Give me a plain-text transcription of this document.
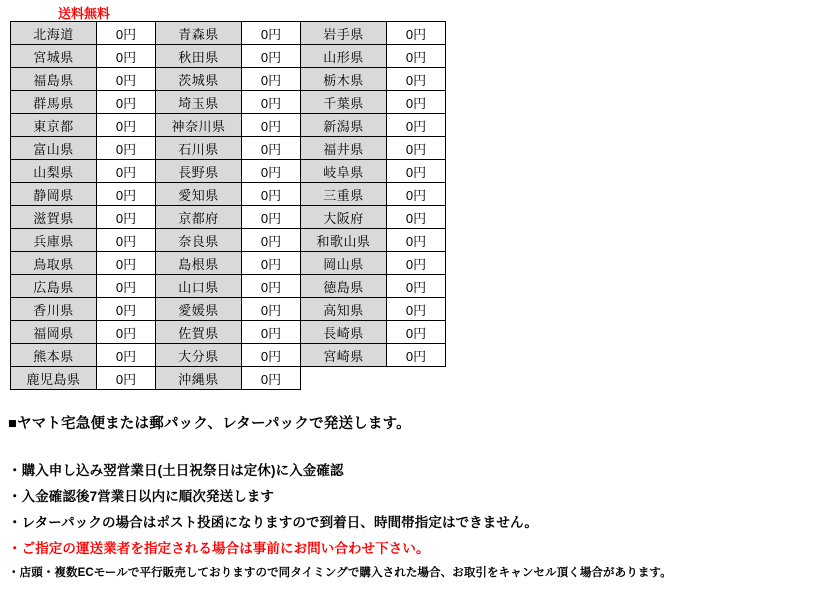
送料無料
北海道	0円	青森県	0円	岩手県	0円
宮城県	0円	秋田県	0円	山形県	0円
福島県	0円	茨城県	0円	栃木県	0円
群馬県	0円	埼玉県	0円	千葉県	0円
東京都	0円	神奈川県	0円	新潟県	0円
富山県	0円	石川県	0円	福井県	0円
山梨県	0円	長野県	0円	岐阜県	0円
静岡県	0円	愛知県	0円	三重県	0円
滋賀県	0円	京都府	0円	大阪府	0円
兵庫県	0円	奈良県	0円	和歌山県	0円
鳥取県	0円	島根県	0円	岡山県	0円
広島県	0円	山口県	0円	徳島県	0円
香川県	0円	愛媛県	0円	高知県	0円
福岡県	0円	佐賀県	0円	長崎県	0円
熊本県	0円	大分県	0円	宮崎県	0円
鹿児島県	0円	沖縄県	0円		

■ヤマト宅急便または郵パック、レターパックで発送します。

・購入申し込み翌営業日(土日祝祭日は定休)に入金確認

・入金確認後7営業日以内に順次発送します

・レターパックの場合はポスト投函になりますので到着日、時間帯指定はできません。

・ご指定の運送業者を指定される場合は事前にお問い合わせ下さい。

・店頭・複数ECモールで平行販売しておりますので同タイミングで購入された場合、お取引をキャンセル頂く場合があります。
